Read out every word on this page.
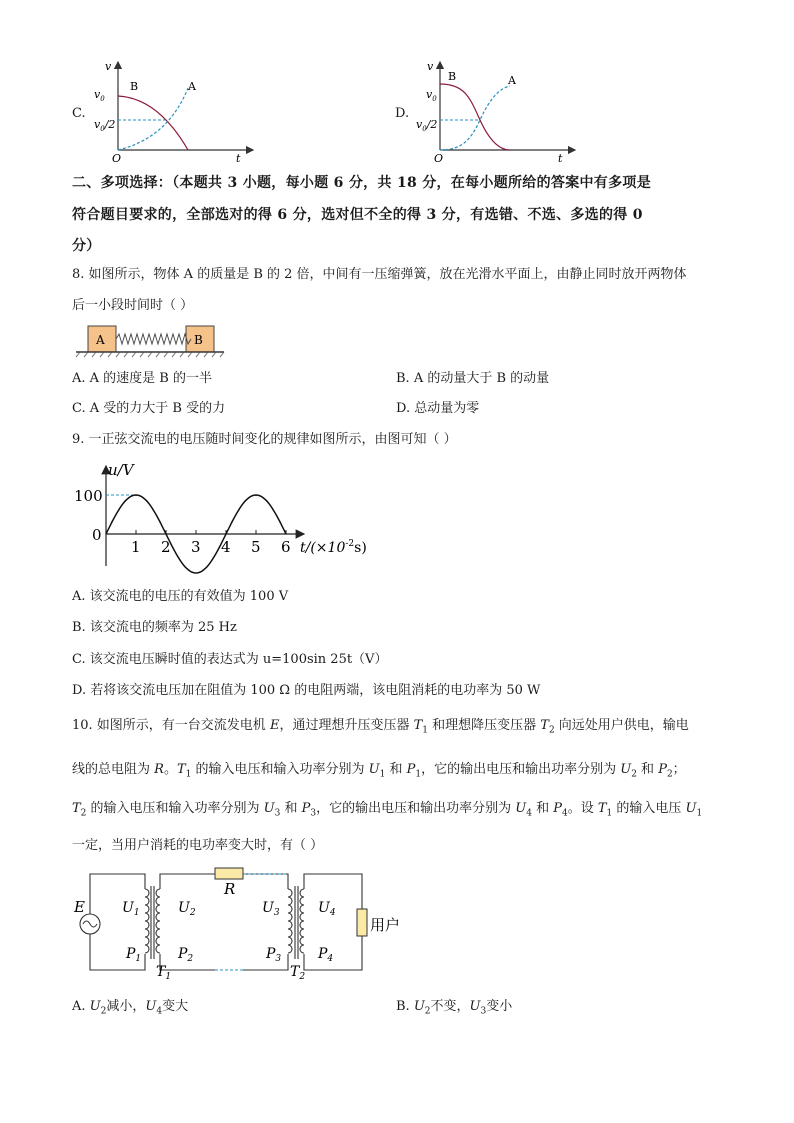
C.
v
$v_0$
$v_0/2$
B	A
O	t
D.
v
$v_0$
$v_0/2$
B	A
O	t
二、多项选择：（本题共 3 小题，每小题 6 分，共 18 分，在每小题所给的答案中有多项是
符合题目要求的，全部选对的得 6 分，选对但不全的得 3 分，有选错、不选、多选的得 0
分）
8. 如图所示，物体 A 的质量是 B 的 2 倍，中间有一压缩弹簧，放在光滑水平面上，由静止同时放开两物体
后一小段时间时（ ）
A	B
A. A 的速度是 B 的一半	B. A 的动量大于 B 的动量
C. A 受的力大于 B 受的力	D. 总动量为零
9. 一正弦交流电的电压随时间变化的规律如图所示，由图可知（ ）
u/V
100
0
1 2 3 4 5 6 $t/(\times 10^{-2}s)$
A. 该交流电的电压的有效值为 100 V
B. 该交流电的频率为 25 Hz
C. 该交流电压瞬时值的表达式为 u=100sin 25t（V）
D. 若将该交流电压加在阻值为 100 Ω 的电阻两端，该电阻消耗的电功率为 50 W
10. 如图所示，有一台交流发电机 E，通过理想升压变压器 $T_1$ 和理想降压变压器 $T_2$ 向远处用户供电，输电
线的总电阻为 R。$T_1$ 的输入电压和输入功率分别为 $U_1$ 和 $P_1$，它的输出电压和输出功率分别为 $U_2$ 和 $P_2$；
$T_2$ 的输入电压和输入功率分别为 $U_3$ 和 $P_3$，它的输出电压和输出功率分别为 $U_4$ 和 $P_4$。设 $T_1$ 的输入电压 $U_1$
一定，当用户消耗的电功率变大时，有（ ）
E
R
用户
$U_1$	$U_2$	$U_3$	$U_4$
$P_1$	$P_2$	$P_3$	$P_4$
$T_1$	$T_2$
A. $U_2$减小，$U_4$变大	B. $U_2$不变，$U_3$变小
